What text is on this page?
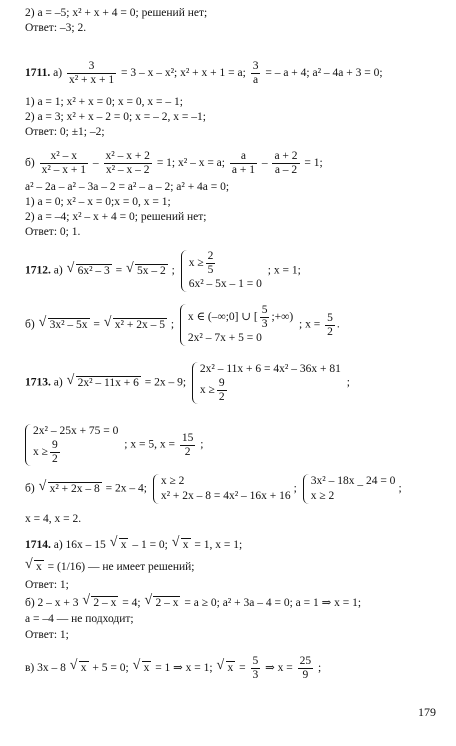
2) a = –5; x² + x + 4 = 0; решений нет;
Ответ: –3; 2.
1711. $а) \frac{3}{\text{x² + x + 1}} = 3 - x - x^2$; x² + x + 1 = a; $\frac{3}{a}$ = – a + 4; a² – 4a + 3 = 0;
1) a = 1; x² + x = 0; x = 0, x = – 1;
2) a = 3; x² + x – 2 = 0; x = – 2, x = –1;
Ответ: 0; ±1; –2;
$б) \frac{\text{x² – x}}{\text{x² – x + 1}} - \frac{\text{x² – x + 2}}{\text{x² – x – 2}} = 1$; x² – x = a; $\frac{a}{a + 1} - \frac{a + 2}{a - 2} = 1$;
a² – 2a – a² – 3a – 2 = a² – a – 2; a² + 4a = 0;
1) a = 0; x² – x = 0;x = 0, x = 1;
2) a = –4; x² – x + 4 = 0; решений нет;
Ответ: 0; 1.
1712. а) √ 6x² – 3 = √ 5x – 2 ;
$x \ge \frac{2}{5}$
6x² – 5x – 1 = 0
; x = 1;
б) √ 3x² – 5x = √ x² + 2x – 5 ;
x ∈ (–∞;0] ∪ [ $\frac{5}{3}$ ;+∞)
2x² – 7x + 5 = 0
; $x = \frac{5}{2}$ .
1713. а) √ 2x² – 11x + 6 = 2x – 9;
2x² – 11x + 6 = 4x² – 36x + 81
$x \ge \frac{9}{2}$	;
2x² – 25x + 75 = 0
$x \ge \frac{9}{2}$	; x = 5, $x = \frac{15}{2}$ ;
б) √ x² + 2x – 8 = 2x – 4;
x ≥ 2
x² + 2x – 8 = 4x² – 16x + 16
;
3x² – 18x _ 24 = 0
x ≥ 2
;
x = 4, x = 2.
1714. а) 16x – 15 √ x – 1 = 0; √ x = 1, x = 1;
√ x = (1/16) — не имеет решений;
Ответ: 1;
б) 2 – x + 3 √ 2 – x = 4; √ 2 – x = a ≥ 0; a² + 3a – 4 = 0; a = 1 ⇒ x = 1;
a = –4 — не подходит;
Ответ: 1;
в) 3x – 8 √ x + 5 = 0; √ x = 1 ⇒ x = 1; √ $x = \frac{5}{3}$ ⇒ $x = \frac{25}{9}$ ;
179
